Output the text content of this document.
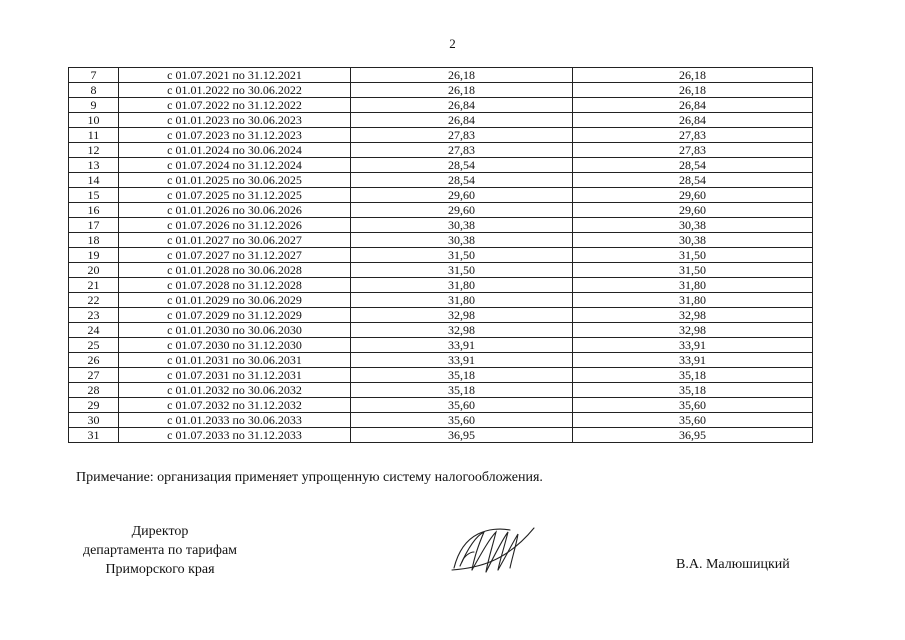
2
7	с 01.07.2021 по 31.12.2021	26,18	26,18
8	с 01.01.2022 по 30.06.2022	26,18	26,18
9	с 01.07.2022 по 31.12.2022	26,84	26,84
10	с 01.01.2023 по 30.06.2023	26,84	26,84
11	с 01.07.2023 по 31.12.2023	27,83	27,83
12	с 01.01.2024 по 30.06.2024	27,83	27,83
13	с 01.07.2024 по 31.12.2024	28,54	28,54
14	с 01.01.2025 по 30.06.2025	28,54	28,54
15	с 01.07.2025 по 31.12.2025	29,60	29,60
16	с 01.01.2026 по 30.06.2026	29,60	29,60
17	с 01.07.2026 по 31.12.2026	30,38	30,38
18	с 01.01.2027 по 30.06.2027	30,38	30,38
19	с 01.07.2027 по 31.12.2027	31,50	31,50
20	с 01.01.2028 по 30.06.2028	31,50	31,50
21	с 01.07.2028 по 31.12.2028	31,80	31,80
22	с 01.01.2029 по 30.06.2029	31,80	31,80
23	с 01.07.2029 по 31.12.2029	32,98	32,98
24	с 01.01.2030 по 30.06.2030	32,98	32,98
25	с 01.07.2030 по 31.12.2030	33,91	33,91
26	с 01.01.2031 по 30.06.2031	33,91	33,91
27	с 01.07.2031 по 31.12.2031	35,18	35,18
28	с 01.01.2032 по 30.06.2032	35,18	35,18
29	с 01.07.2032 по 31.12.2032	35,60	35,60
30	с 01.01.2033 по 30.06.2033	35,60	35,60
31	с 01.07.2033 по 31.12.2033	36,95	36,95
Примечание: организация применяет упрощенную систему налогообложения.
Директор
департамента по тарифам
Приморского края	В.А. Малюшицкий
